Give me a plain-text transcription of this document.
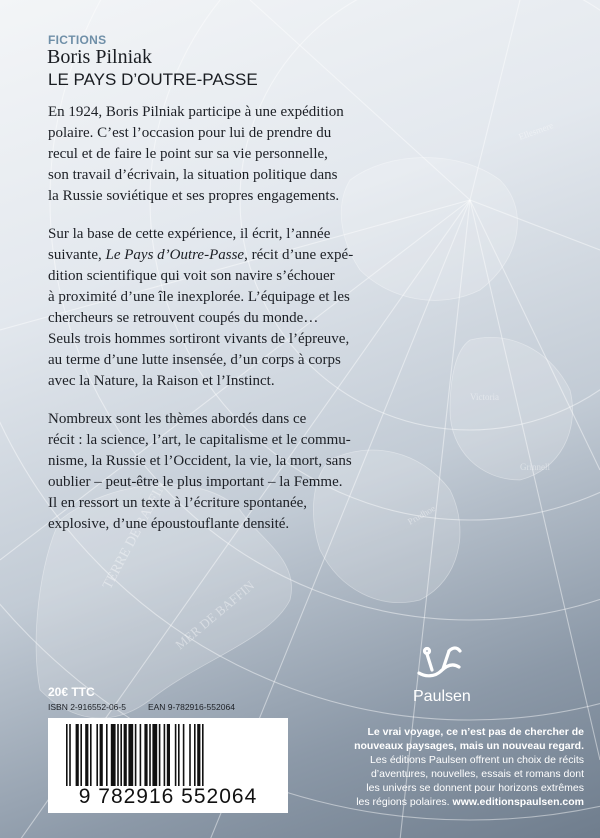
TERRE DE BAFFIN
MER DE BAFFIN
Victoria
Grinnell
Ellesmere
Prudhoe

FICTIONS

Boris Pilniak
LE PAYS D’OUTRE-PASSE

En 1924, Boris Pilniak participe à une expédition
polaire. C’est l’occasion pour lui de prendre du
recul et de faire le point sur sa vie personnelle,
son travail d’écrivain, la situation politique dans
la Russie soviétique et ses propres engagements.

Sur la base de cette expérience, il écrit, l’année
suivante, Le Pays d’Outre-Passe, récit d’une expé-
dition scientifique qui voit son navire s’échouer
à proximité d’une île inexplorée. L’équipage et les
chercheurs se retrouvent coupés du monde…
Seuls trois hommes sortiront vivants de l’épreuve,
au terme d’une lutte insensée, d’un corps à corps
avec la Nature, la Raison et l’Instinct.

Nombreux sont les thèmes abordés dans ce
récit : la science, l’art, le capitalisme et le commu-
nisme, la Russie et l’Occident, la vie, la mort, sans
oublier – peut-être le plus important – la Femme.
Il en ressort un texte à l’écriture spontanée,
explosive, d’une époustouflante densité.

20€ TTC

ISBN 2-916552-06-5	EAN 9-782916-552064
9 782916 552064

Paulsen

Le vrai voyage, ce n’est pas de chercher de
nouveaux paysages, mais un nouveau regard.

Les éditions Paulsen offrent un choix de récits
d’aventures, nouvelles, essais et romans dont
les univers se donnent pour horizons extrêmes
les régions polaires. www.editionspaulsen.com
